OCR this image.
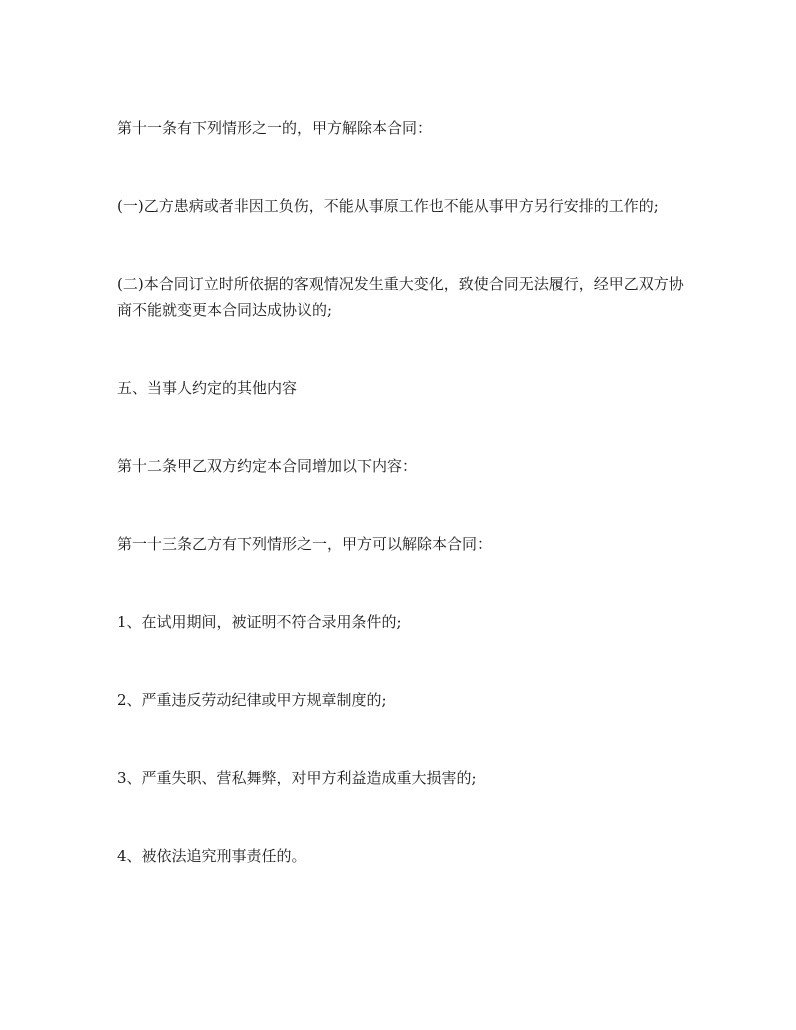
第十一条有下列情形之一的，甲方解除本合同：

(一)乙方患病或者非因工负伤，不能从事原工作也不能从事甲方另行安排的工作的;

(二)本合同订立时所依据的客观情况发生重大变化，致使合同无法履行，经甲乙双方协商不能就变更本合同达成协议的;

五、当事人约定的其他内容

第十二条甲乙双方约定本合同增加以下内容：

第一十三条乙方有下列情形之一，甲方可以解除本合同：

1、在试用期间，被证明不符合录用条件的;

2、严重违反劳动纪律或甲方规章制度的;

3、严重失职、营私舞弊，对甲方利益造成重大损害的;

4、被依法追究刑事责任的。
